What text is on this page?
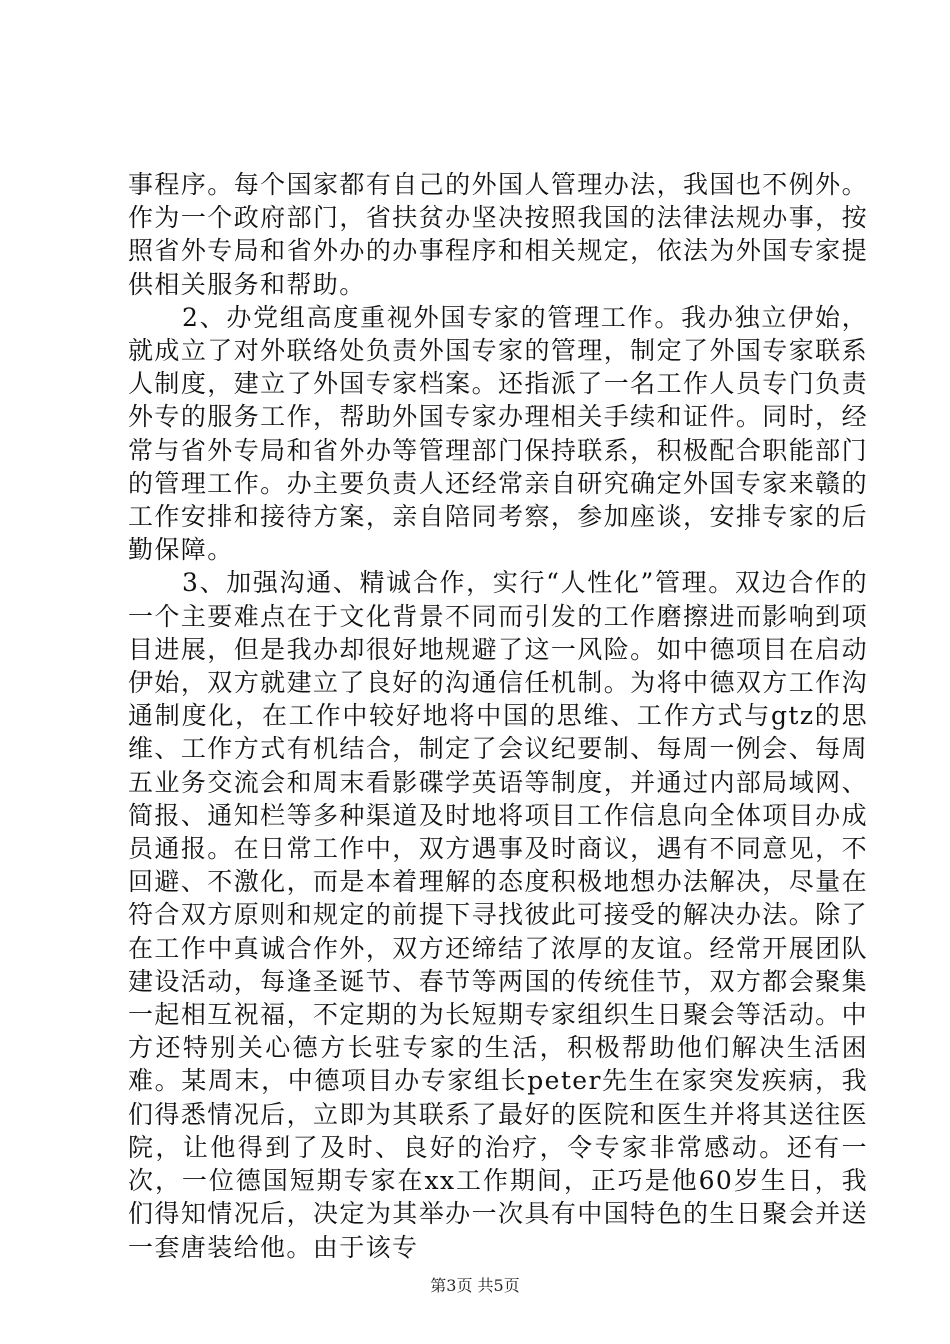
事程序。每个国家都有自己的外国人管理办法，我国也不例外。作为一个政府部门，省扶贫办坚决按照我国的法律法规办事，按照省外专局和省外办的办事程序和相关规定，依法为外国专家提供相关服务和帮助。

2、办党组高度重视外国专家的管理工作。我办独立伊始，就成立了对外联络处负责外国专家的管理，制定了外国专家联系人制度，建立了外国专家档案。还指派了一名工作人员专门负责外专的服务工作，帮助外国专家办理相关手续和证件。同时，经常与省外专局和省外办等管理部门保持联系，积极配合职能部门的管理工作。办主要负责人还经常亲自研究确定外国专家来赣的工作安排和接待方案，亲自陪同考察，参加座谈，安排专家的后勤保障。

3、加强沟通、精诚合作，实行“人性化”管理。双边合作的一个主要难点在于文化背景不同而引发的工作磨擦进而影响到项目进展，但是我办却很好地规避了这一风险。如中德项目在启动伊始，双方就建立了良好的沟通信任机制。为将中德双方工作沟通制度化，在工作中较好地将中国的思维、工作方式与gtz的思维、工作方式有机结合，制定了会议纪要制、每周一例会、每周五业务交流会和周末看影碟学英语等制度，并通过内部局域网、简报、通知栏等多种渠道及时地将项目工作信息向全体项目办成员通报。在日常工作中，双方遇事及时商议，遇有不同意见，不回避、不激化，而是本着理解的态度积极地想办法解决，尽量在符合双方原则和规定的前提下寻找彼此可接受的解决办法。除了在工作中真诚合作外，双方还缔结了浓厚的友谊。经常开展团队建设活动，每逢圣诞节、春节等两国的传统佳节，双方都会聚集一起相互祝福，不定期的为长短期专家组织生日聚会等活动。中方还特别关心德方长驻专家的生活，积极帮助他们解决生活困难。某周末，中德项目办专家组长peter先生在家突发疾病，我们得悉情况后，立即为其联系了最好的医院和医生并将其送往医院，让他得到了及时、良好的治疗，令专家非常感动。还有一次，一位德国短期专家在xx工作期间，正巧是他60岁生日，我们得知情况后，决定为其举办一次具有中国特色的生日聚会并送一套唐装给他。由于该专

第3页 共5页
